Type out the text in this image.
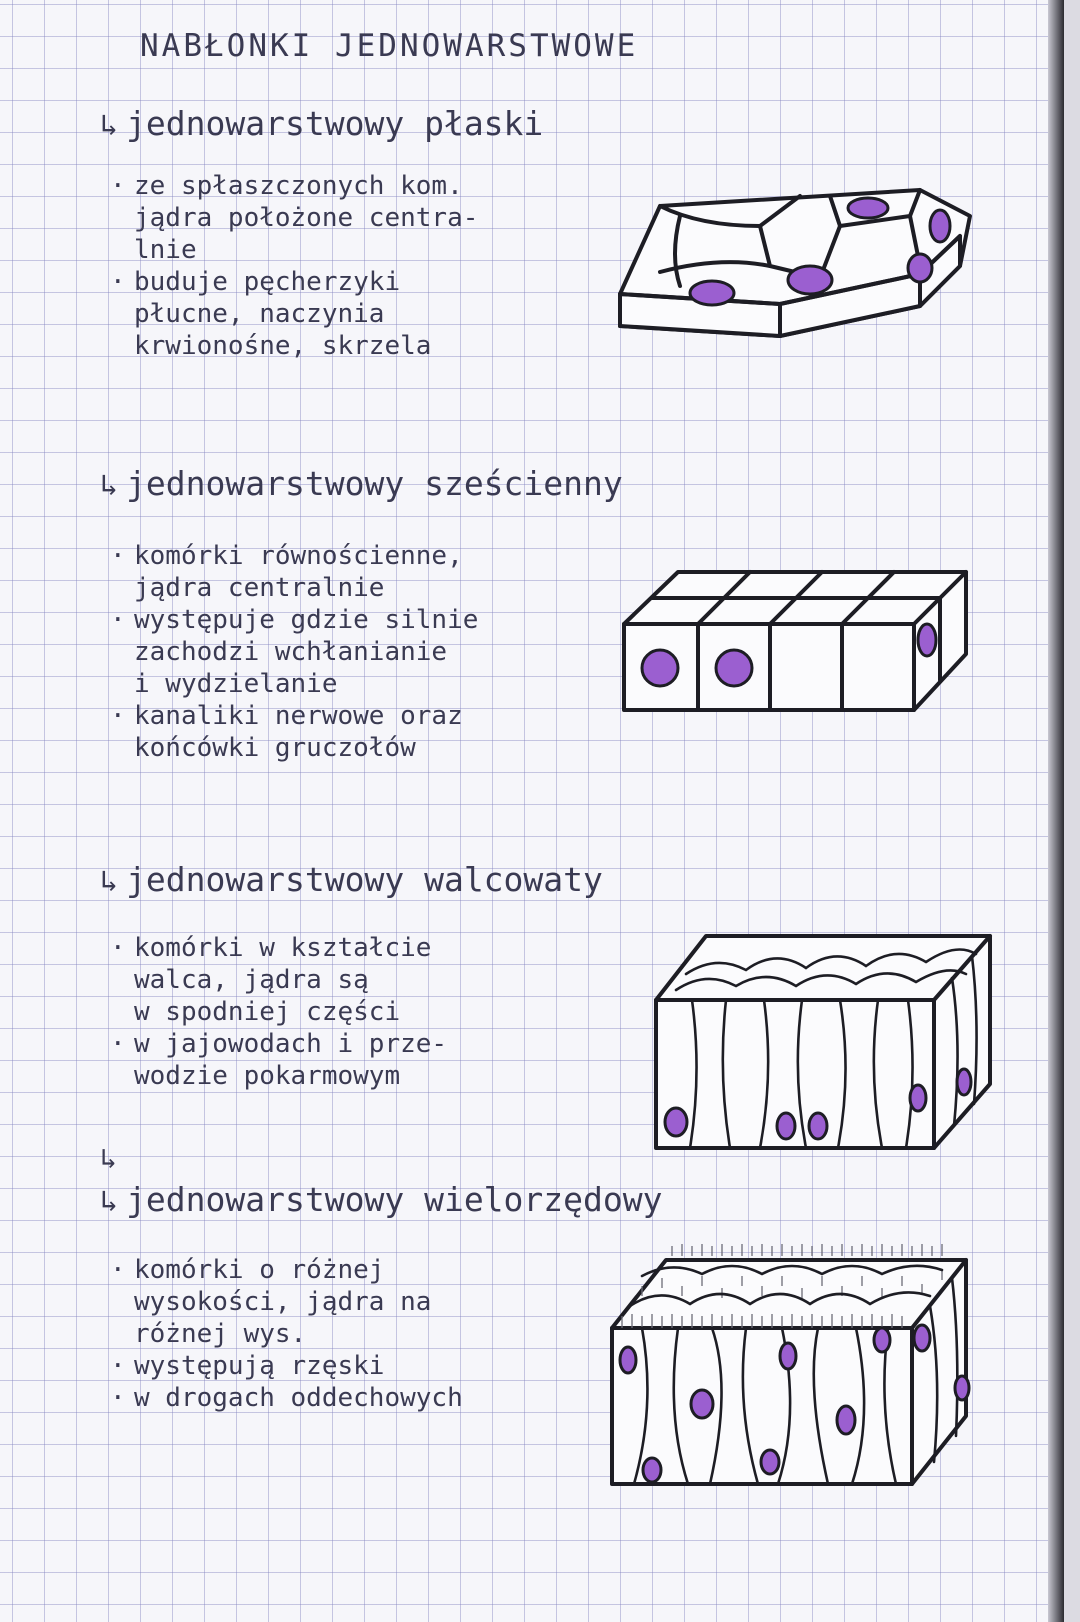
NABŁONKI JEDNOWARSTWOWE
↳ jednowarstwowy płaski
· ze spłaszczonych kom.
jądra położone centra-
lnie
· buduje pęcherzyki
płucne, naczynia
krwionośne, skrzela
↳ jednowarstwowy sześcienny
· komórki równościenne,
jądra centralnie
· występuje gdzie silnie
zachodzi wchłanianie
i wydzielanie
· kanaliki nerwowe oraz
końcówki gruczołów
↳ jednowarstwowy walcowaty
· komórki w kształcie
walca, jądra są
w spodniej części
· w jajowodach i prze-
wodzie pokarmowym
↳
↳ jednowarstwowy wielorzędowy
· komórki o różnej
wysokości, jądra na
różnej wys.
· występują rzęski
· w drogach oddechowych
